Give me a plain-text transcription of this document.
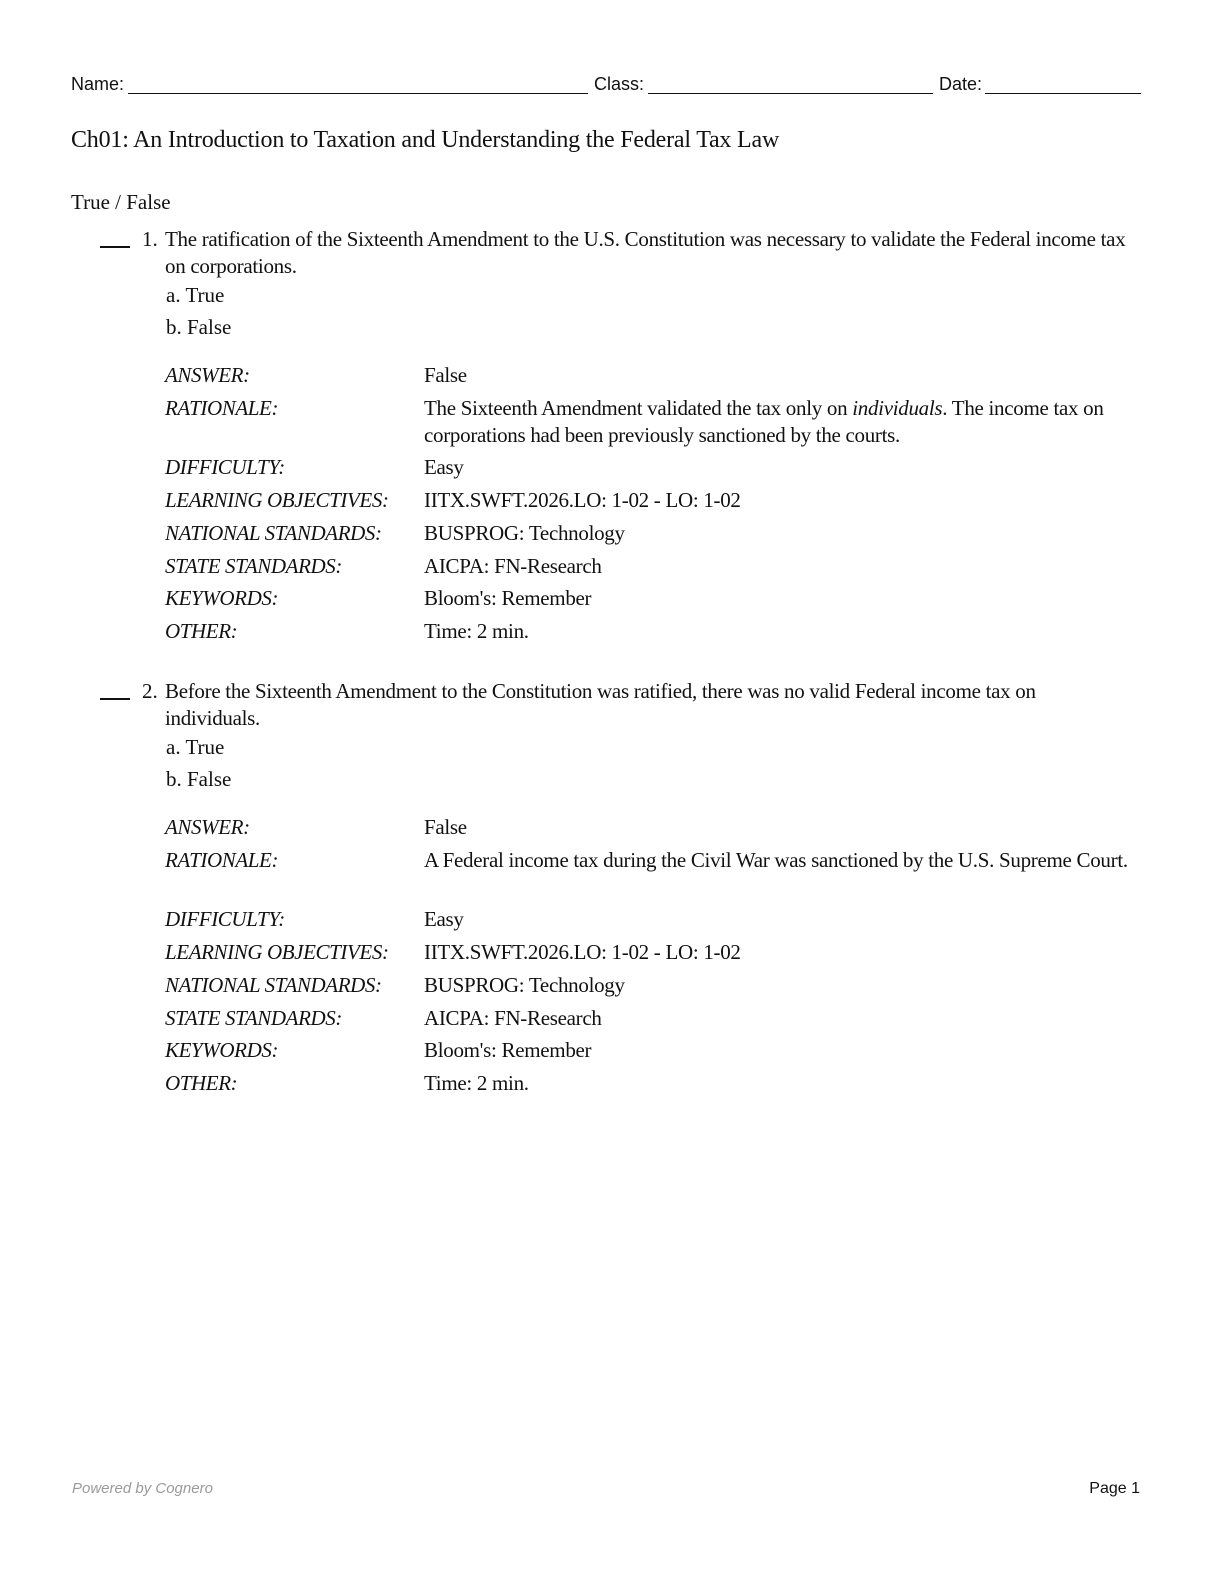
Name:	Class:	Date:
Ch01: An Introduction to Taxation and Understanding the Federal Tax Law
True / False
1. The ratification of the Sixteenth Amendment to the U.S. Constitution was necessary to validate the Federal income tax on corporations.
a. True
b. False
ANSWER:	False
RATIONALE:	The Sixteenth Amendment validated the tax only on individuals. The income tax on corporations had been previously sanctioned by the courts.
DIFFICULTY:	Easy
LEARNING OBJECTIVES: IITX.SWFT.2026.LO: 1-02 - LO: 1-02
NATIONAL STANDARDS: BUSPROG: Technology
STATE STANDARDS:	AICPA: FN-Research
KEYWORDS:	Bloom's: Remember
OTHER:	Time: 2 min.
2. Before the Sixteenth Amendment to the Constitution was ratified, there was no valid Federal income tax on individuals.
a. True
b. False
ANSWER:	False
RATIONALE:	A Federal income tax during the Civil War was sanctioned by the U.S. Supreme Court.
DIFFICULTY:	Easy
LEARNING OBJECTIVES: IITX.SWFT.2026.LO: 1-02 - LO: 1-02
NATIONAL STANDARDS: BUSPROG: Technology
STATE STANDARDS:	AICPA: FN-Research
KEYWORDS:	Bloom's: Remember
OTHER:	Time: 2 min.
Powered by Cognero	Page 1
